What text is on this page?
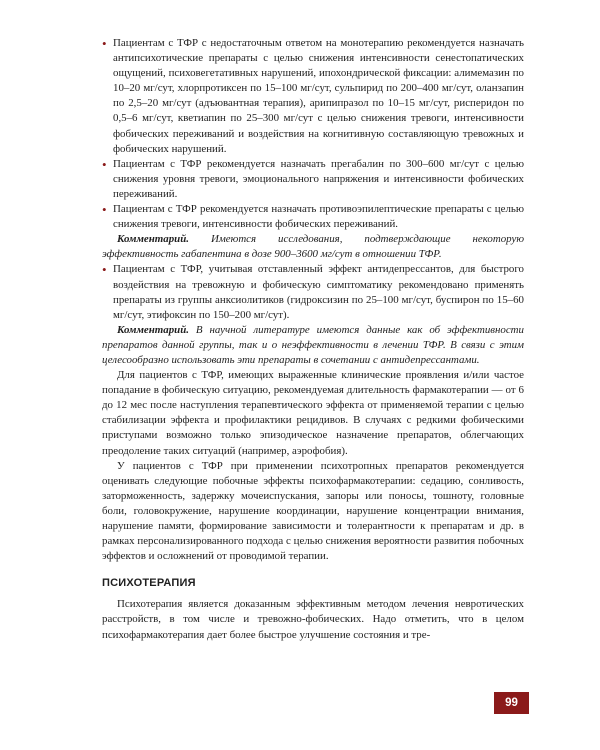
• Пациентам с ТФР с недостаточным ответом на монотерапию рекомендуется назначать антипсихотические препараты с целью снижения интенсивности сенестопатических ощущений, психовегетативных нарушений, ипохондрической фиксации: алимемазин по 10–20 мг/сут, хлорпротиксен по 15–100 мг/сут, сульпирид по 200–400 мг/сут, оланзапин по 2,5–20 мг/сут (адъювантная терапия), арипипразол по 10–15 мг/сут, рисперидон по 0,5–6 мг/сут, кветиапин по 25–300 мг/сут с целью снижения тревоги, интенсивности фобических переживаний и воздействия на когнитивную составляющую тревожных и фобических нарушений.
• Пациентам с ТФР рекомендуется назначать прегабалин по 300–600 мг/сут с целью снижения уровня тревоги, эмоционального напряжения и интенсивности фобических переживаний.
• Пациентам с ТФР рекомендуется назначать противоэпилептические препараты с целью снижения тревоги, интенсивности фобических переживаний.

Комментарий. Имеются исследования, подтверждающие некоторую эффективность габапентина в дозе 900–3600 мг/сут в отношении ТФР.

• Пациентам с ТФР, учитывая отставленный эффект антидепрессантов, для быстрого воздействия на тревожную и фобическую симптоматику рекомендовано применять препараты из группы анксиолитиков (гидроксизин по 25–100 мг/сут, буспирон по 15–60 мг/сут, этифоксин по 150–200 мг/сут).

Комментарий. В научной литературе имеются данные как об эффективности препаратов данной группы, так и о неэффективности в лечении ТФР. В связи с этим целесообразно использовать эти препараты в сочетании с антидепрессантами.

Для пациентов с ТФР, имеющих выраженные клинические проявления и/или частое попадание в фобическую ситуацию, рекомендуемая длительность фармакотерапии — от 6 до 12 мес после наступления терапевтического эффекта от применяемой терапии с целью стабилизации эффекта и профилактики рецидивов. В случаях с редкими фобическими приступами возможно только эпизодическое назначение препаратов, облегчающих преодоление таких ситуаций (например, аэрофобия).

У пациентов с ТФР при применении психотропных препаратов рекомендуется оценивать следующие побочные эффекты психофармакотерапии: седацию, сонливость, заторможенность, задержку мочеиспускания, запоры или поносы, тошноту, головные боли, головокружение, нарушение координации, нарушение концентрации внимания, нарушение памяти, формирование зависимости и толерантности к препаратам и др. в рамках персонализированного подхода с целью снижения вероятности развития побочных эффектов и осложнений от проводимой терапии.

ПСИХОТЕРАПИЯ

Психотерапия является доказанным эффективным методом лечения невротических расстройств, в том числе и тревожно-фобических. Надо отметить, что в целом психофармакотерапия дает более быстрое улучшение состояния и тре-

99
